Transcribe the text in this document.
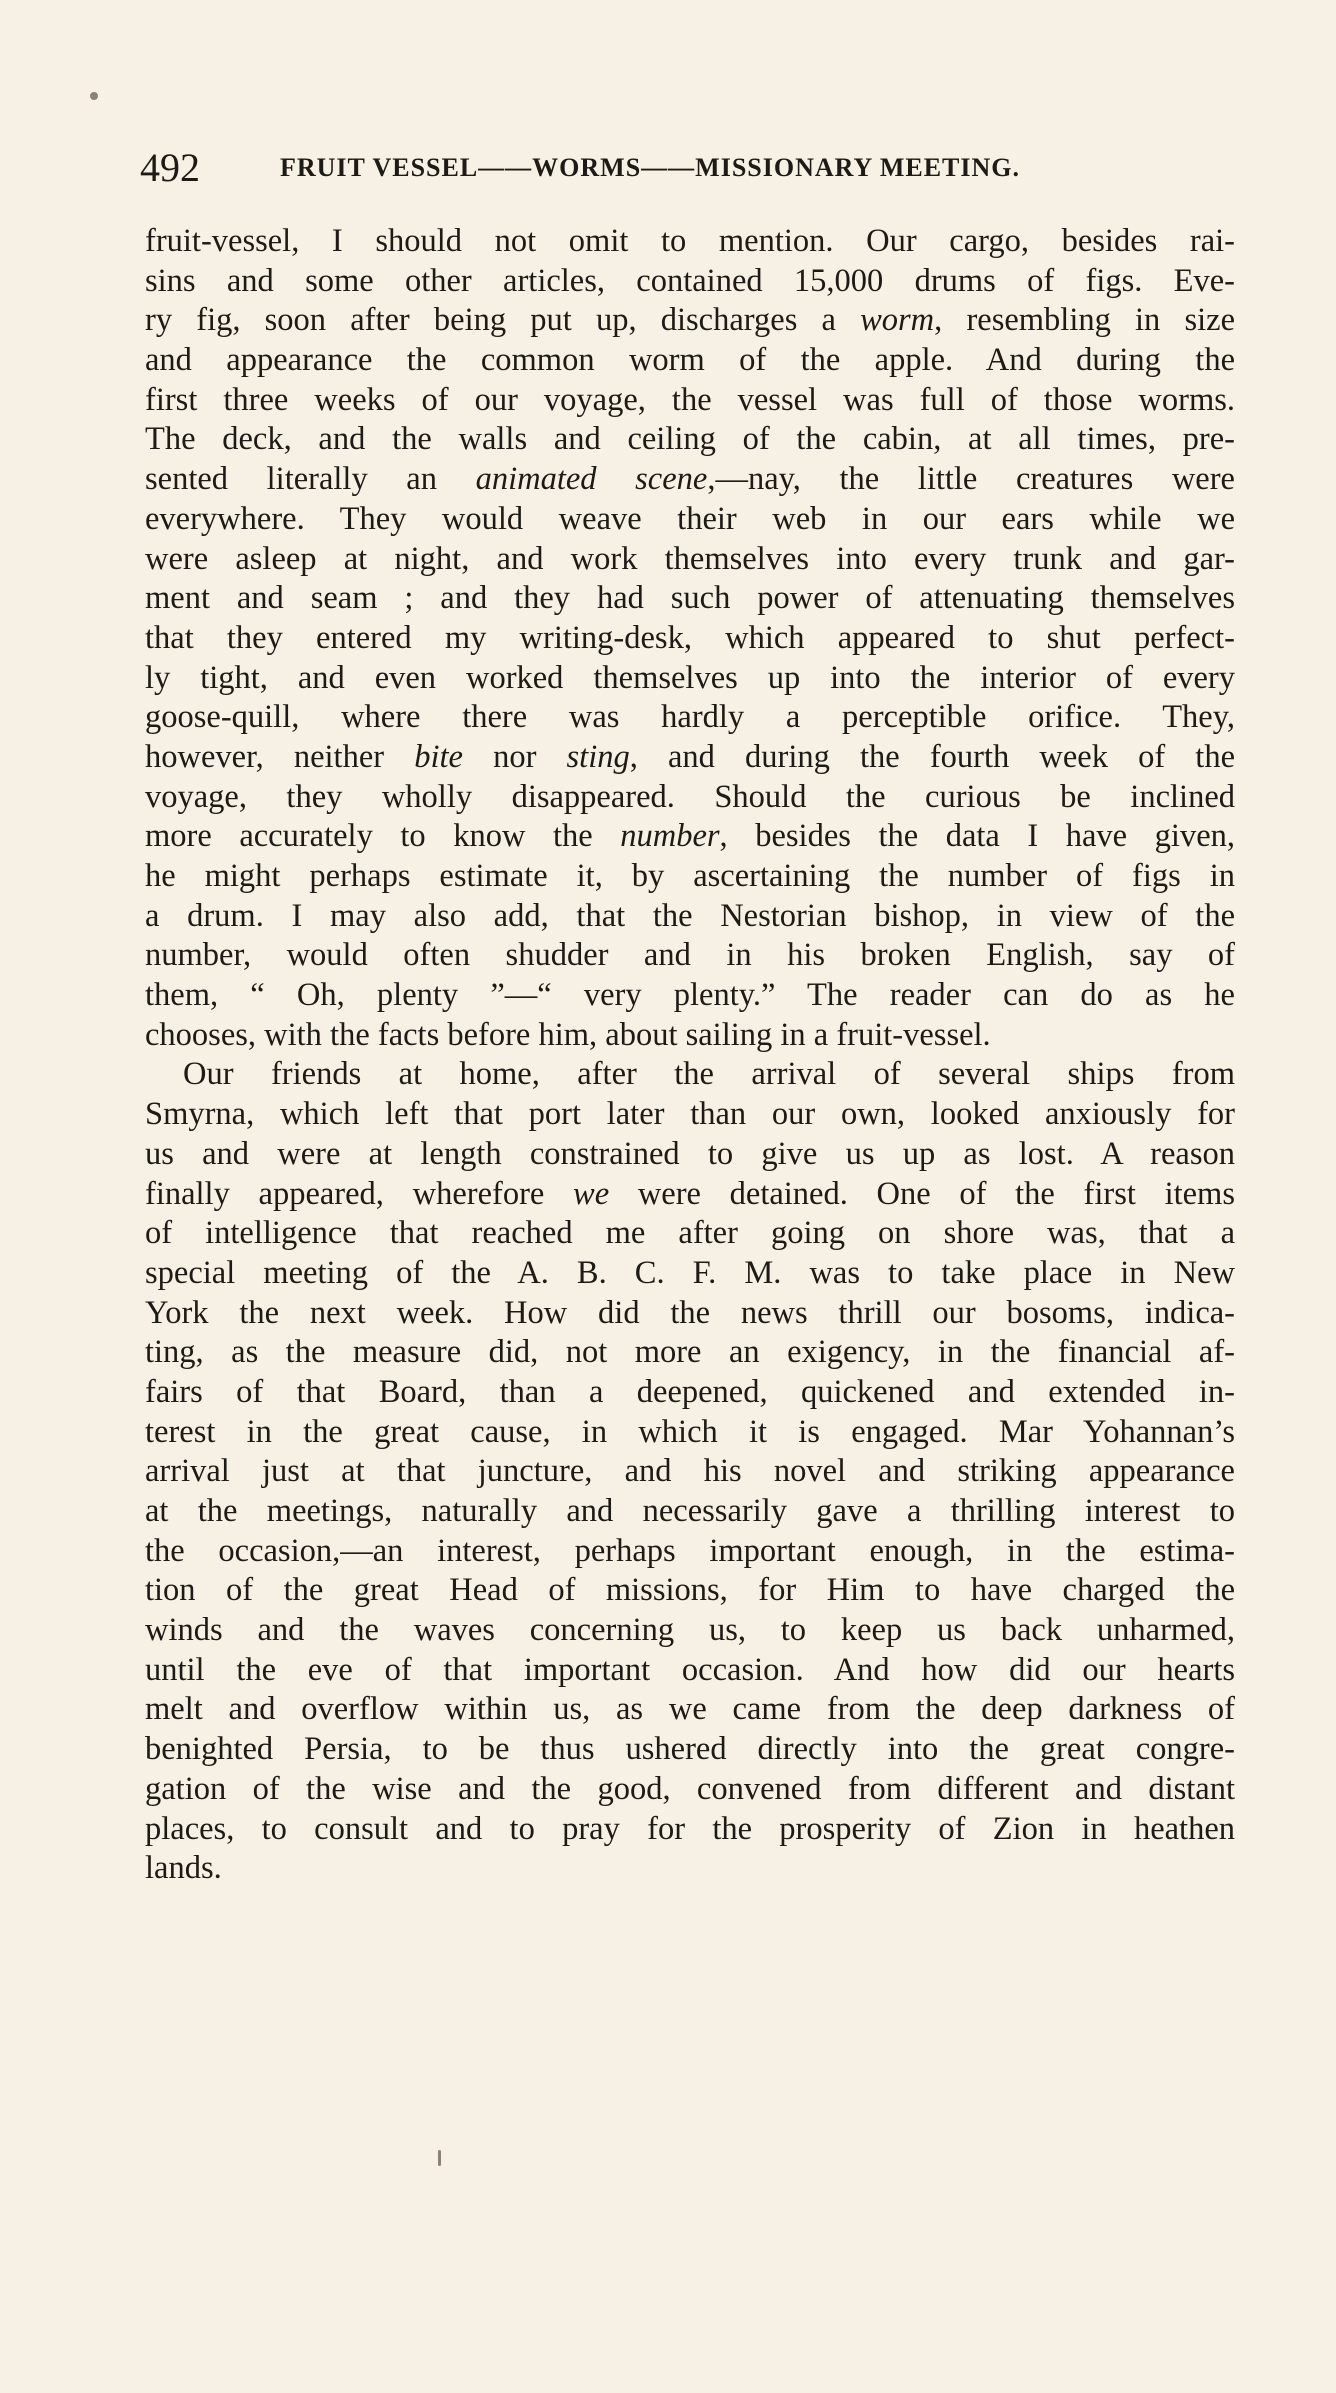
492	FRUIT VESSEL——WORMS——MISSIONARY MEETING.
fruit-vessel, I should not omit to mention. Our cargo, besides rai-
sins and some other articles, contained 15,000 drums of figs. Eve-
ry fig, soon after being put up, discharges a worm, resembling in size
and appearance the common worm of the apple. And during the
first three weeks of our voyage, the vessel was full of those worms.
The deck, and the walls and ceiling of the cabin, at all times, pre-
sented literally an animated scene,—nay, the little creatures were
everywhere. They would weave their web in our ears while we
were asleep at night, and work themselves into every trunk and gar-
ment and seam ; and they had such power of attenuating themselves
that they entered my writing-desk, which appeared to shut perfect-
ly tight, and even worked themselves up into the interior of every
goose-quill, where there was hardly a perceptible orifice. They,
however, neither bite nor sting, and during the fourth week of the
voyage, they wholly disappeared. Should the curious be inclined
more accurately to know the number, besides the data I have given,
he might perhaps estimate it, by ascertaining the number of figs in
a drum. I may also add, that the Nestorian bishop, in view of the
number, would often shudder and in his broken English, say of
them, “ Oh, plenty ”—“ very plenty.” The reader can do as he
chooses, with the facts before him, about sailing in a fruit-vessel.
Our friends at home, after the arrival of several ships from
Smyrna, which left that port later than our own, looked anxiously for
us and were at length constrained to give us up as lost. A reason
finally appeared, wherefore we were detained. One of the first items
of intelligence that reached me after going on shore was, that a
special meeting of the A. B. C. F. M. was to take place in New
York the next week. How did the news thrill our bosoms, indica-
ting, as the measure did, not more an exigency, in the financial af-
fairs of that Board, than a deepened, quickened and extended in-
terest in the great cause, in which it is engaged. Mar Yohannan’s
arrival just at that juncture, and his novel and striking appearance
at the meetings, naturally and necessarily gave a thrilling interest to
the occasion,—an interest, perhaps important enough, in the estima-
tion of the great Head of missions, for Him to have charged the
winds and the waves concerning us, to keep us back unharmed,
until the eve of that important occasion. And how did our hearts
melt and overflow within us, as we came from the deep darkness of
benighted Persia, to be thus ushered directly into the great congre-
gation of the wise and the good, convened from different and distant
places, to consult and to pray for the prosperity of Zion in heathen
lands.
